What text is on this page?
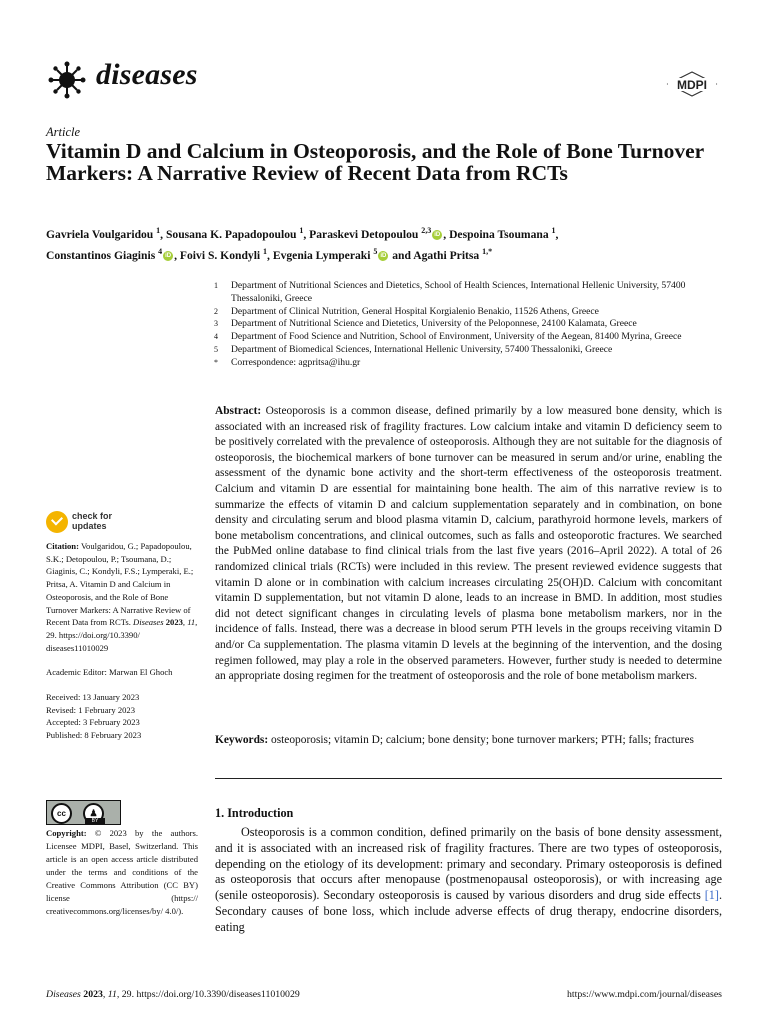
diseases	MDPI
Article
Vitamin D and Calcium in Osteoporosis, and the Role of Bone Turnover Markers: A Narrative Review of Recent Data from RCTs
Gavriela Voulgaridou $^1$, Sousana K. Papadopoulou $^1$, Paraskevi Detopoulou $^{2,3}$iD , Despoina Tsoumana $^1$,
Constantinos Giaginis $^4$iD , Foivi S. Kondyli $^1$, Evgenia Lymperaki $^5$iD and Agathi Pritsa $^{1,*}$
1	Department of Nutritional Sciences and Dietetics, School of Health Sciences, International Hellenic University, 57400 Thessaloniki, Greece
2	Department of Clinical Nutrition, General Hospital Korgialenio Benakio, 11526 Athens, Greece
3	Department of Nutritional Science and Dietetics, University of the Peloponnese, 24100 Kalamata, Greece
4	Department of Food Science and Nutrition, School of Environment, University of the Aegean, 81400 Myrina, Greece
5	Department of Biomedical Sciences, International Hellenic University, 57400 Thessaloniki, Greece
*	Correspondence: agpritsa@ihu.gr
Abstract: Osteoporosis is a common disease, defined primarily by a low measured bone density, which is associated with an increased risk of fragility fractures. Low calcium intake and vitamin D deficiency seem to be positively correlated with the prevalence of osteoporosis. Although they are not suitable for the diagnosis of osteoporosis, the biochemical markers of bone turnover can be measured in serum and/or urine, enabling the assessment of the dynamic bone activity and the short-term effectiveness of the osteoporosis treatment. Calcium and vitamin D are essential for maintaining bone health. The aim of this narrative review is to summarize the effects of vitamin D and calcium supplementation separately and in combination, on bone density and circulating serum and blood plasma vitamin D, calcium, parathyroid hormone levels, markers of bone metabolism concentrations, and clinical outcomes, such as falls and osteoporotic fractures. We searched the PubMed online database to find clinical trials from the last five years (2016–April 2022). A total of 26 randomized clinical trials (RCTs) were included in this review. The present reviewed evidence suggests that vitamin D alone or in combination with calcium increases circulating 25(OH)D. Calcium with concomitant vitamin D supplementation, but not vitamin D alone, leads to an increase in BMD. In addition, most studies did not detect significant changes in circulating levels of plasma bone metabolism markers, nor in the incidence of falls. Instead, there was a decrease in blood serum PTH levels in the groups receiving vitamin D and/or Ca supplementation. The plasma vitamin D levels at the beginning of the intervention, and the dosing regimen followed, may play a role in the observed parameters. However, further study is needed to determine an appropriate dosing regimen for the treatment of osteoporosis and the role of bone metabolism markers.
Keywords: osteoporosis; vitamin D; calcium; bone density; bone turnover markers; PTH; falls; fractures
1. Introduction
Osteoporosis is a common condition, defined primarily on the basis of bone density assessment, and it is associated with an increased risk of fragility fractures. There are two types of osteoporosis, depending on the etiology of its development: primary and secondary. Primary osteoporosis is defined as osteoporosis that occurs after menopause (postmenopausal osteoporosis), or with increasing age (senile osteoporosis). Secondary osteoporosis is caused by various disorders and drug side effects [1]. Secondary causes of bone loss, which include adverse effects of drug therapy, endocrine disorders, eating
check for
updates

Citation: Voulgaridou, G.; Papadopoulou, S.K.; Detopoulou, P.; Tsoumana, D.; Giaginis, C.; Kondyli, F.S.; Lymperaki, E.; Pritsa, A. Vitamin D and Calcium in Osteoporosis, and the Role of Bone Turnover Markers: A Narrative Review of Recent Data from RCTs. Diseases 2023, 11, 29. https://doi.org/10.3390/ diseases11010029

Academic Editor: Marwan El Ghoch

Received: 13 January 2023

Revised: 1 February 2023

Accepted: 3 February 2023

Published: 8 February 2023

cc	♟
BY
Copyright: © 2023 by the authors. Licensee MDPI, Basel, Switzerland. This article is an open access article distributed under the terms and conditions of the Creative Commons Attribution (CC BY) license (https:// creativecommons.org/licenses/by/ 4.0/).
Diseases 2023, 11, 29. https://doi.org/10.3390/diseases11010029	https://www.mdpi.com/journal/diseases
